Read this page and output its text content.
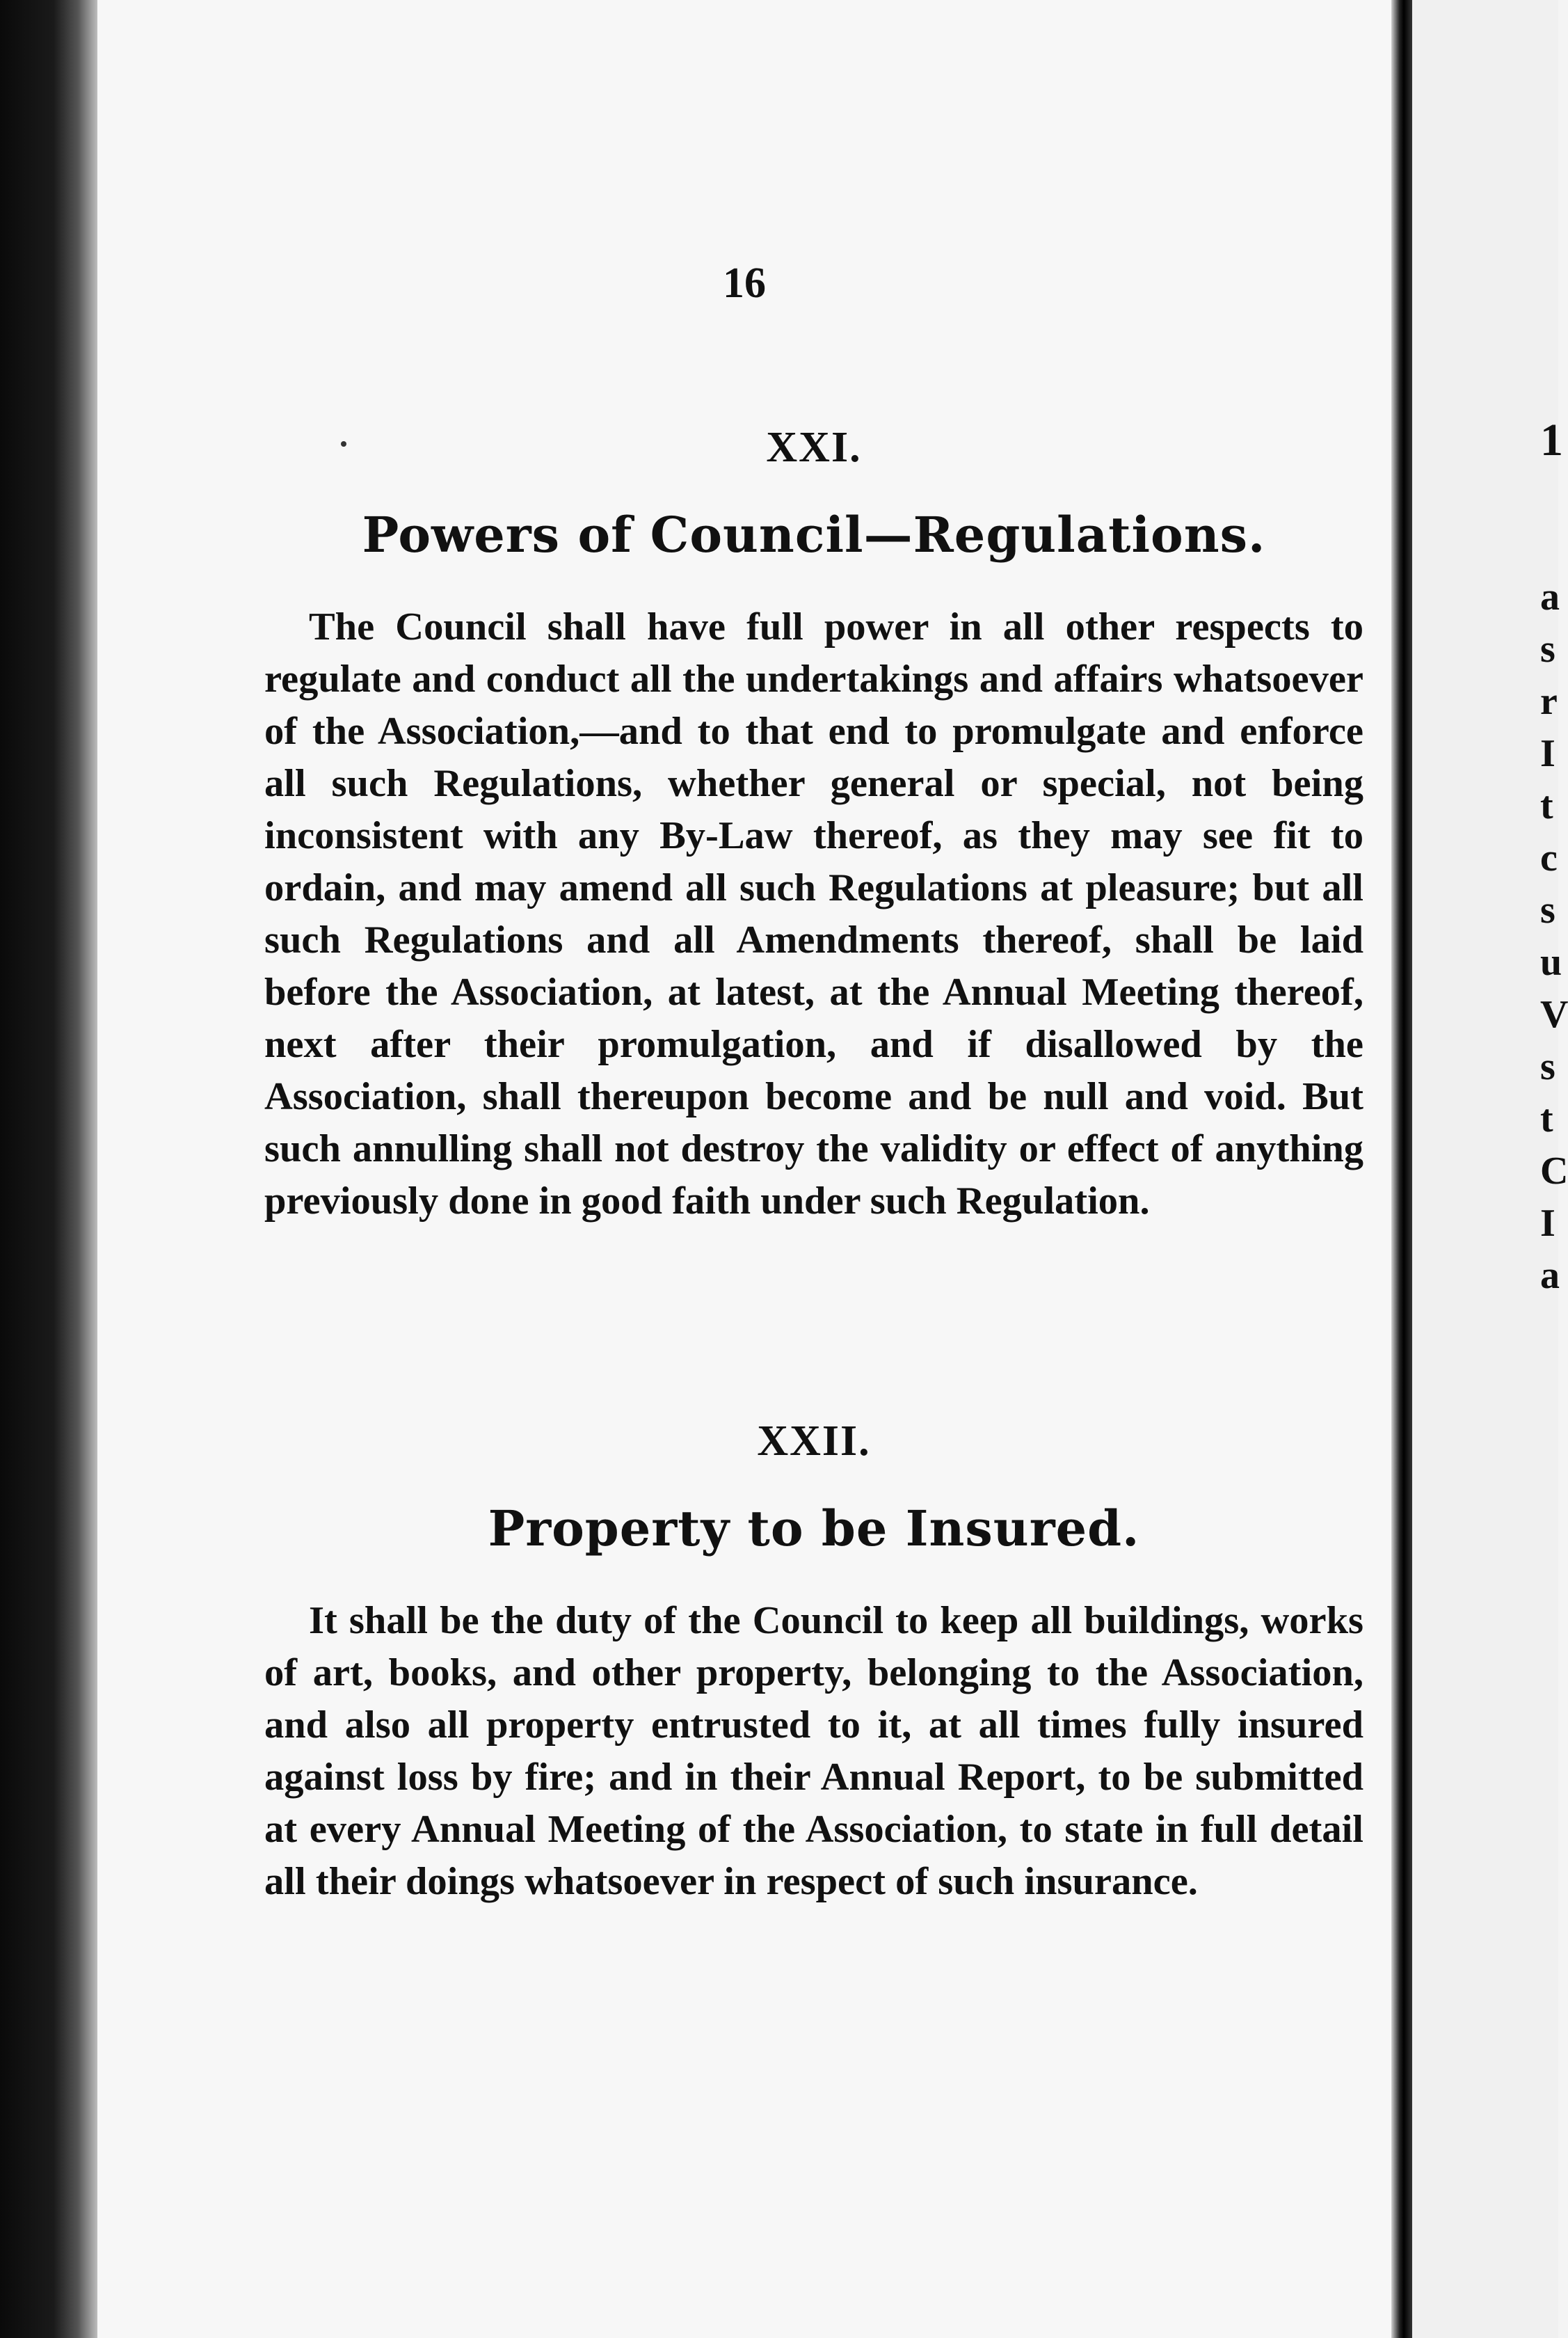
16

XXI.

Powers of Council—Regulations.

The Council shall have full power in all other respects to regulate and conduct all the undertakings and affairs whatsoever of the Association,—and to that end to promulgate and enforce all such Regulations, whether general or special, not being inconsistent with any By-Law thereof, as they may see fit to ordain, and may amend all such Regulations at pleasure; but all such Regulations and all Amendments thereof, shall be laid before the Association, at latest, at the Annual Meeting thereof, next after their promulgation, and if disallowed by the Association, shall thereupon become and be null and void. But such annulling shall not destroy the validity or effect of anything previously done in good faith under such Regulation.

XXII.

Property to be Insured.

It shall be the duty of the Council to keep all buildings, works of art, books, and other property, belonging to the Association, and also all property entrusted to it, at all times fully insured against loss by fire; and in their Annual Report, to be submitted at every Annual Meeting of the Association, to state in full detail all their doings whatsoever in respect of such insurance.

1
a
s
r
I
t
c
s
u
V
s
t
C
I
a
